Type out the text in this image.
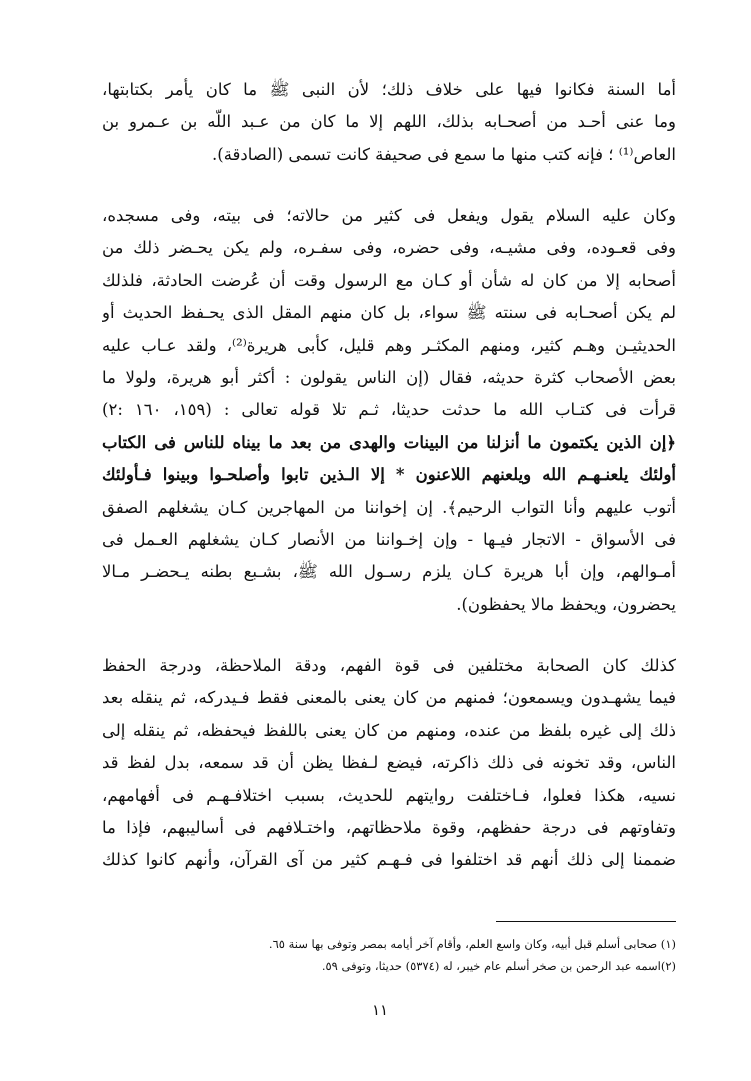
أما السنة فكانوا فيها على خلاف ذلك؛ لأن النبى ﷺ ما كان يأمر بكتابتها،
وما عنى أحـد من أصحـابه بذلك، اللهم إلا ما كان من عـبد اللّه بن عـمرو بن
العاص⁽¹⁾ ؛ فإنه كتب منها ما سمع فى صحيفة كانت تسمى (الصادقة).
وكان عليه السلام يقول ويفعل فى كثير من حالاته؛ فى بيته، وفى مسجده،
وفى قعـوده، وفى مشيـه، وفى حضره، وفى سفـره، ولم يكن يحـضر ذلك من
أصحابه إلا من كان له شأن أو كـان مع الرسول وقت أن عُرضت الحادثة، فلذلك
لم يكن أصحـابه فى سنته ﷺ سواء، بل كان منهم المقل الذى يحـفظ الحديث أو
الحديثيـن وهـم كثير، ومنهم المكثـر وهم قليل، كأبى هريرة⁽²⁾، ولقد عـاب عليه
بعض الأصحاب كثرة حديثه، فقال (إن الناس يقولون : أكثر أبو هريرة، ولولا ما
قرأت فى كتـاب الله ما حدثت حديثا، ثـم تلا قوله تعالى : (١٥٩، ١٦٠ :٢)
﴿إن الذين يكتمون ما أنزلنا من البينات والهدى من بعد ما بيناه للناس فى الكتاب
أولئك يلعنـهـم الله ويلعنهم اللاعنون * إلا الـذين تابوا وأصلحـوا وبينوا فـأولئك
أتوب عليهم وأنا التواب الرحيم﴾. إن إخواننا من المهاجرين كـان يشغلهم الصفق
فى الأسواق - الاتجار فيـها - وإن إخـواننا من الأنصار كـان يشغلهم العـمل فى
أمـوالهم، وإن أبا هريرة كـان يلزم رسـول الله ﷺ، بشـبع بطنه يـحضـر مـالا
يحضرون، ويحفظ مالا يحفظون).
كذلك كان الصحابة مختلفين فى قوة الفهم، ودقة الملاحظة، ودرجة الحفظ
فيما يشهـدون ويسمعون؛ فمنهم من كان يعنى بالمعنى فقط فـيدركه، ثم ينقله بعد
ذلك إلى غيره بلفظ من عنده، ومنهم من كان يعنى باللفظ فيحفظه، ثم ينقله إلى
الناس، وقد تخونه فى ذلك ذاكرته، فيضع لـفظا يظن أن قد سمعه، بدل لفظ قد
نسيه، هكذا فعلوا، فـاختلفت روايتهم للحديث، بسبب اختلافـهـم فى أفهامهم،
وتفاوتهم فى درجة حفظهم، وقوة ملاحظاتهم، واختـلافهم فى أساليبهم، فإذا ما
ضممنا إلى ذلك أنهم قد اختلفوا فى فـهـم كثير من آى القرآن، وأنهم كانوا كذلك
(١) صحابى أسلم قبل أبيه، وكان واسع العلم، وأقام آخر أيامه بمصر وتوفى بها سنة ٦٥.
(٢)اسمه عبد الرحمن بن صخر أسلم عام خيبر، له (٥٣٧٤) حديثا، وتوفى ٥٩.
١١
